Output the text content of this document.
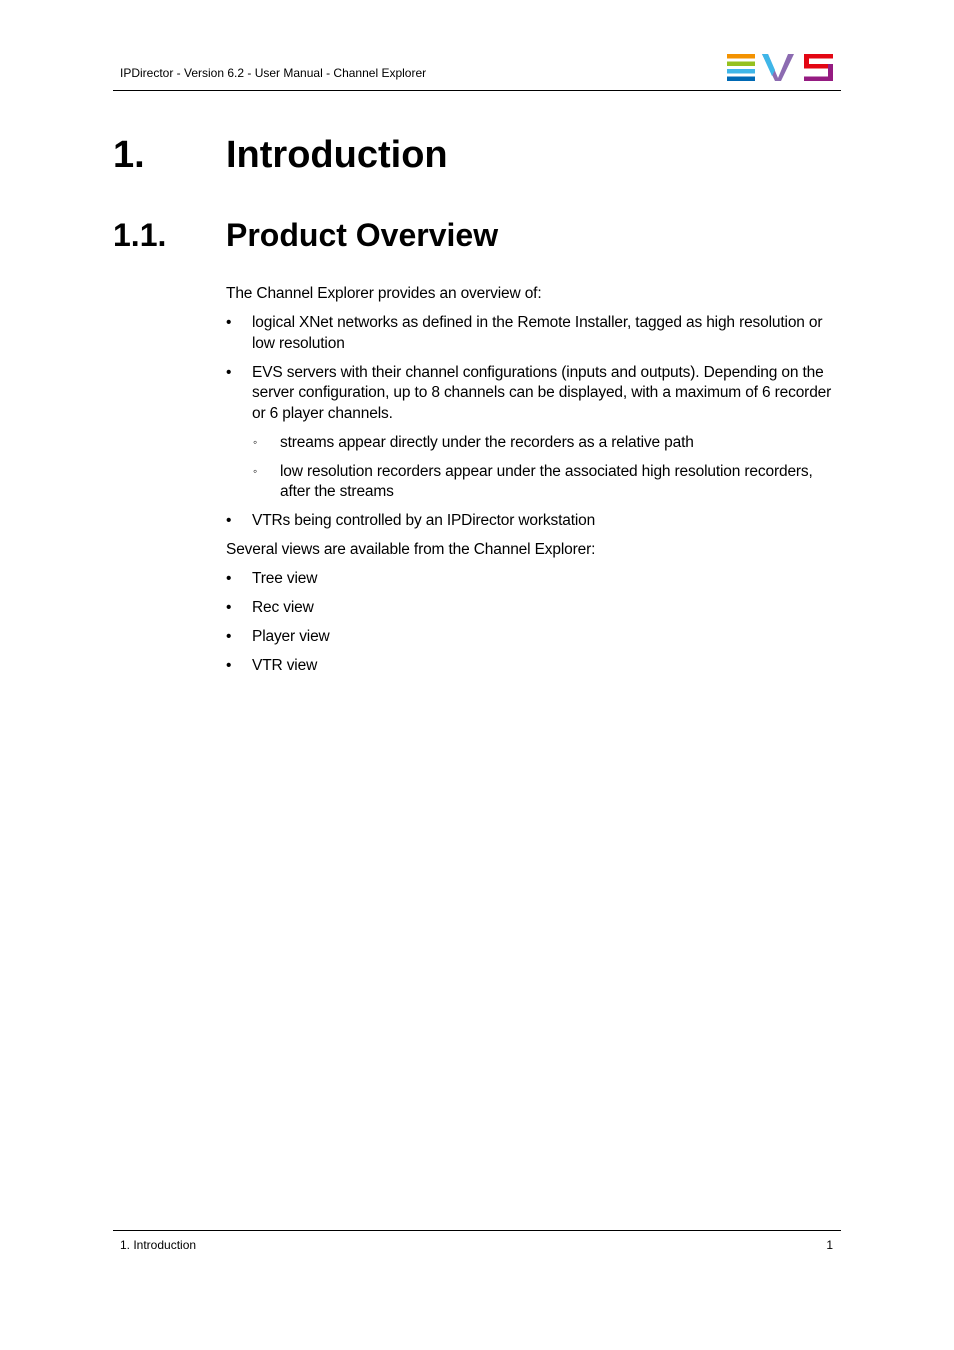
IPDirector - Version 6.2 - User Manual - Channel Explorer
1. Introduction
1.1. Product Overview

The Channel Explorer provides an overview of:

• logical XNet networks as defined in the Remote Installer, tagged as high resolution or low resolution
• EVS servers with their channel configurations (inputs and outputs). Depending on the server configuration, up to 8 channels can be displayed, with a maximum of 6 recorder or 6 player channels.
◦ streams appear directly under the recorders as a relative path
◦ low resolution recorders appear under the associated high resolution recorders, after the streams
• VTRs being controlled by an IPDirector workstation

Several views are available from the Channel Explorer:

• Tree view
• Rec view
• Player view
• VTR view
1. Introduction	1
